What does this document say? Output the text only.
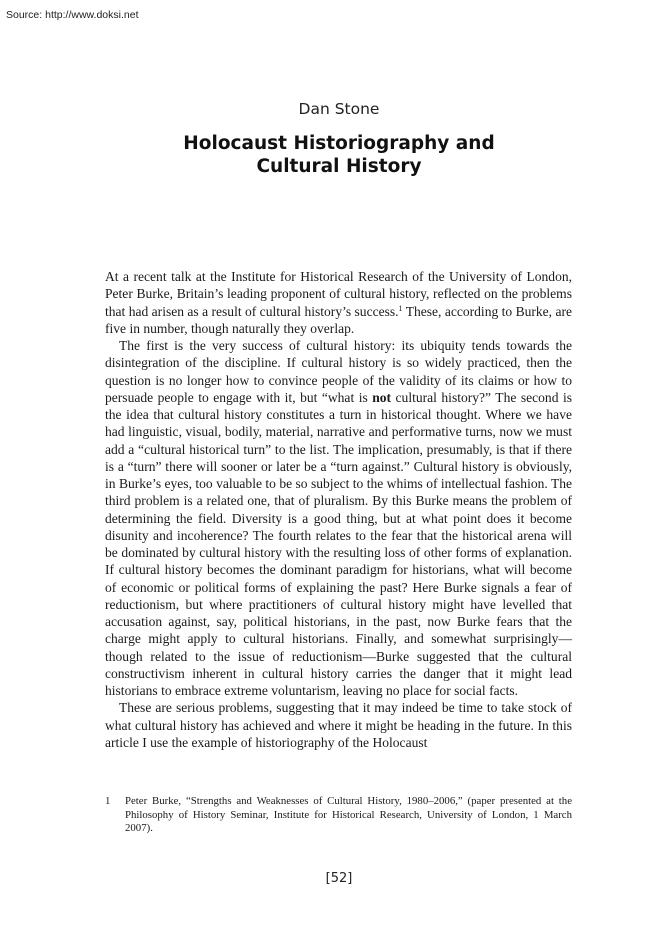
Source: http://www.doksi.net
Dan Stone
Holocaust Historiography and
Cultural History

At a recent talk at the Institute for Historical Research of the University of London, Peter Burke, Britain’s leading proponent of cultural history, reflected on the problems that had arisen as a result of cultural history’s success.$^1$ These, according to Burke, are five in number, though naturally they overlap.

The first is the very success of cultural history: its ubiquity tends towards the disintegration of the discipline. If cultural history is so widely practiced, then the question is no longer how to convince people of the validity of its claims or how to persuade people to engage with it, but “what is not cultural history?” The second is the idea that cultural history constitutes a turn in historical thought. Where we have had linguistic, visual, bodily, material, narrative and performative turns, now we must add a “cultural historical turn” to the list. The implication, presumably, is that if there is a “turn” there will sooner or later be a “turn against.” Cultural history is obviously, in Burke’s eyes, too valuable to be so subject to the whims of intellectual fashion. The third problem is a related one, that of pluralism. By this Burke means the problem of determining the field. Diversity is a good thing, but at what point does it become disunity and incoherence? The fourth relates to the fear that the historical arena will be dominated by cultural history with the resulting loss of other forms of explanation. If cultural history becomes the dominant paradigm for historians, what will become of economic or political forms of explaining the past? Here Burke signals a fear of reductionism, but where practitioners of cultural history might have levelled that accusation against, say, political historians, in the past, now Burke fears that the charge might apply to cultural historians. Finally, and somewhat surprisingly—though related to the issue of reductionism—Burke suggested that the cultural constructivism inherent in cultural history carries the danger that it might lead historians to embrace extreme voluntarism, leaving no place for social facts.

These are serious problems, suggesting that it may indeed be time to take stock of what cultural history has achieved and where it might be heading in the future. In this article I use the example of historiography of the Holocaust

1	Peter Burke, “Strengths and Weaknesses of Cultural History, 1980–2006,” (paper presented at the Philosophy of History Seminar, Institute for Historical Research, University of London, 1 March 2007).
[52]
